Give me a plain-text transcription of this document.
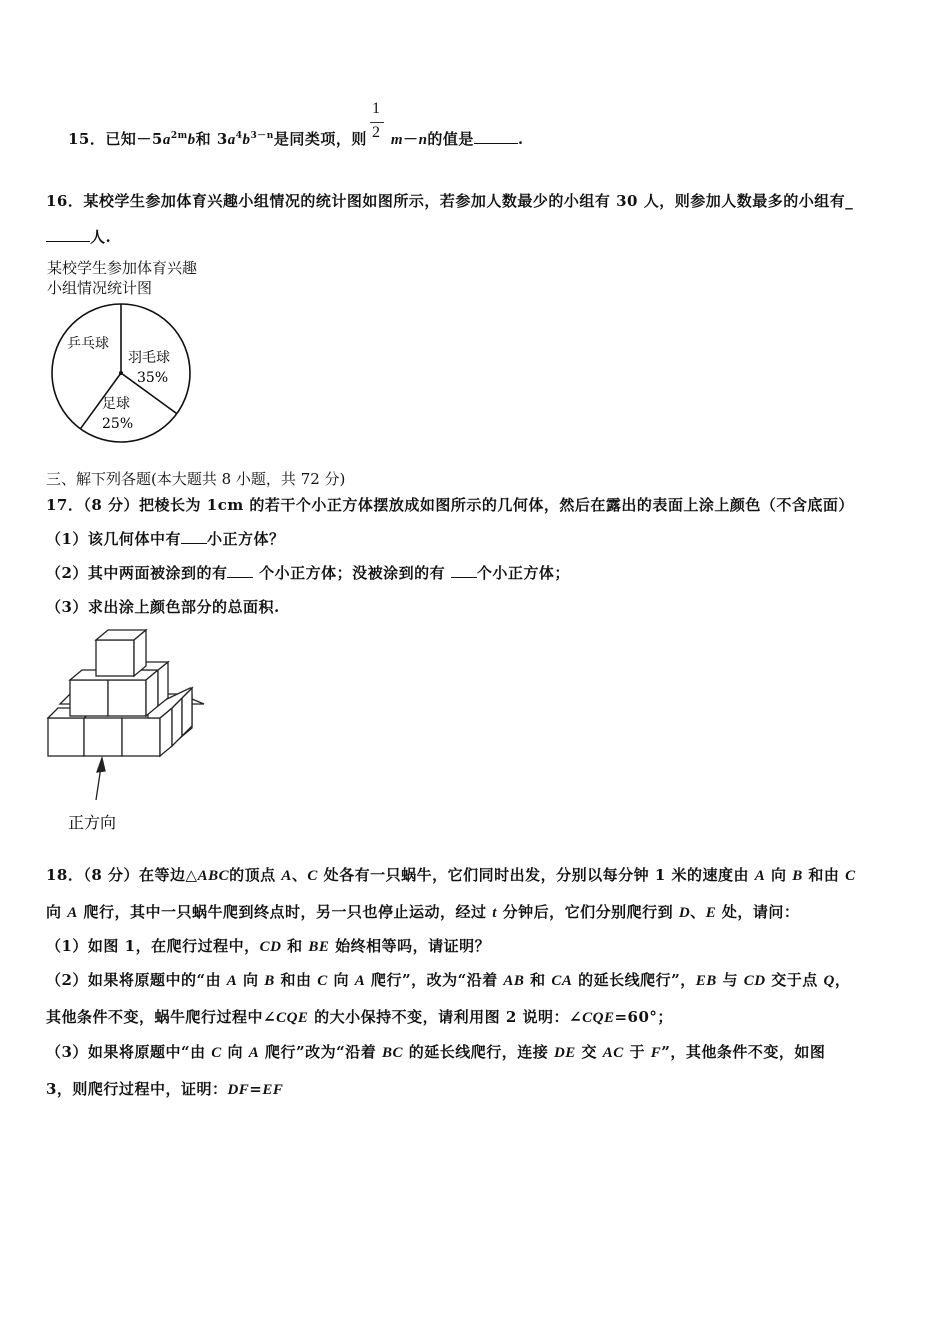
1
2
15．已知$-5a^{2m}b$和 $3a^4b^{3-n}$是同类项，则 m－n的值是	.
16．某校学生参加体育兴趣小组情况的统计图如图所示，若参加人数最少的小组有 30 人，则参加人数最多的小组有_
人.
某校学生参加体育兴趣
小组情况统计图
乒乓球
羽毛球
35%
足球
25%
三、解下列各题(本大题共 8 小题，共 72 分)
17．（8 分）把棱长为 1cm 的若干个小正方体摆放成如图所示的几何体，然后在露出的表面上涂上颜色（不含底面）
（1）该几何体中有 小正方体？
（2）其中两面被涂到的有 个小正方体；没被涂到的有 个小正方体；
（3）求出涂上颜色部分的总面积.
正方向
18．（8 分）在等边△ABC的顶点 A、C 处各有一只蜗牛，它们同时出发，分别以每分钟 1 米的速度由 A 向 B 和由 C
向 A 爬行，其中一只蜗牛爬到终点时，另一只也停止运动，经过 t 分钟后，它们分别爬行到 D、E 处，请问：
（1）如图 1，在爬行过程中，CD 和 BE 始终相等吗，请证明？
（2）如果将原题中的“由 A 向 B 和由 C 向 A 爬行”，改为“沿着 AB 和 CA 的延长线爬行”，EB 与 CD 交于点 Q，
其他条件不变，蜗牛爬行过程中∠CQE 的大小保持不变，请利用图 2 说明：∠CQE=60°；
（3）如果将原题中“由 C 向 A 爬行”改为“沿着 BC 的延长线爬行，连接 DE 交 AC 于 F”，其他条件不变，如图
3，则爬行过程中，证明：DF=EF
